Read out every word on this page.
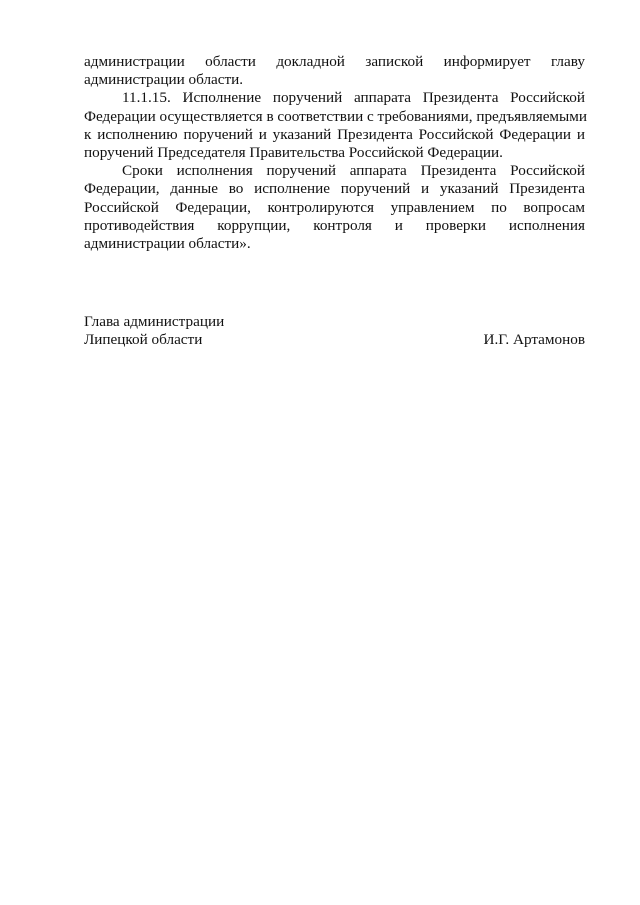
администрации области докладной запиской информирует главу
администрации области.
11.1.15. Исполнение поручений аппарата Президента Российской
Федерации осуществляется в соответствии с требованиями, предъявляемыми
к исполнению поручений и указаний Президента Российской Федерации и
поручений Председателя Правительства Российской Федерации.
Сроки исполнения поручений аппарата Президента Российской
Федерации, данные во исполнение поручений и указаний Президента
Российской Федерации, контролируются управлением по вопросам
противодействия коррупции, контроля и проверки исполнения
администрации области».
Глава администрации
Липецкой области	И.Г. Артамонов
